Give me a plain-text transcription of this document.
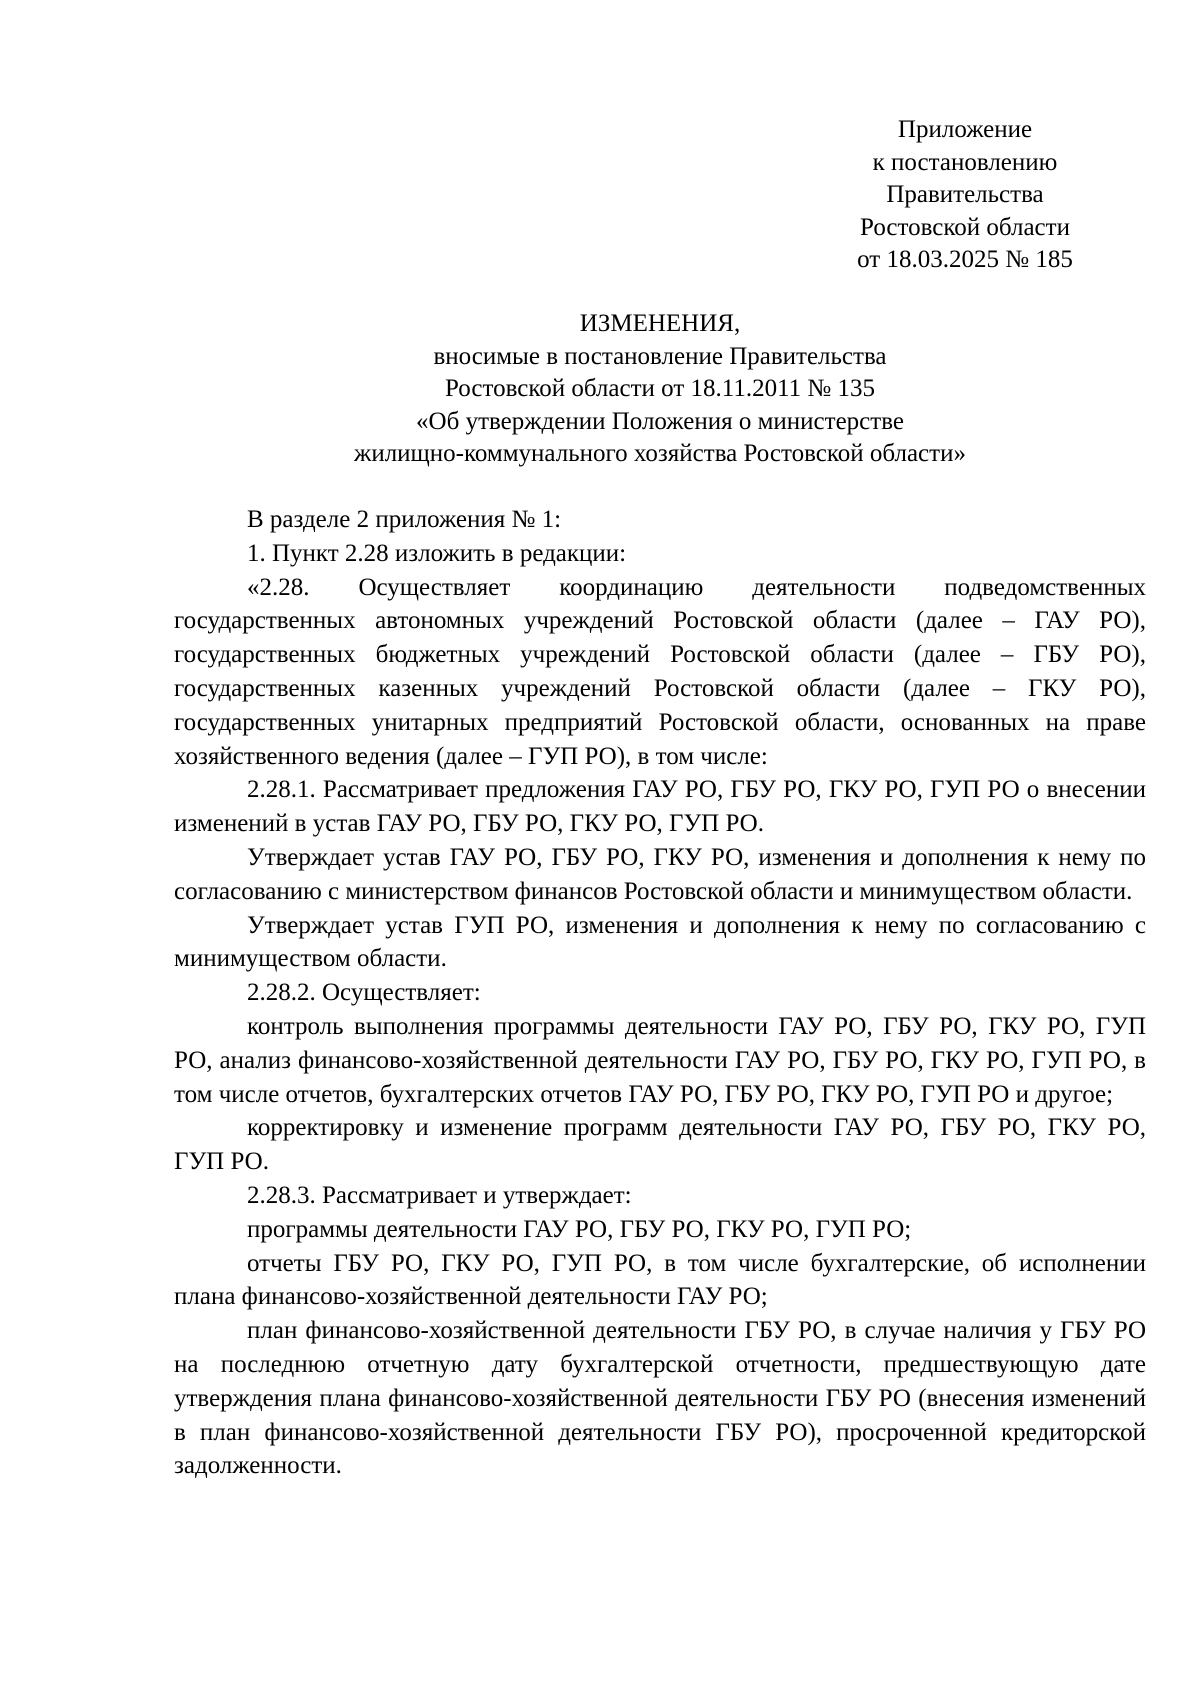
Приложение
к постановлению
Правительства
Ростовской области
от 18.03.2025 № 185
ИЗМЕНЕНИЯ,
вносимые в постановление Правительства
Ростовской области от 18.11.2011 № 135
«Об утверждении Положения о министерстве
жилищно-коммунального хозяйства Ростовской области»

В разделе 2 приложения № 1:

1. Пункт 2.28 изложить в редакции:

«2.28. Осуществляет координацию деятельности подведомственных государственных автономных учреждений Ростовской области (далее – ГАУ РО), государственных бюджетных учреждений Ростовской области (далее – ГБУ РО), государственных казенных учреждений Ростовской области (далее – ГКУ РО), государственных унитарных предприятий Ростовской области, основанных на праве хозяйственного ведения (далее – ГУП РО), в том числе:

2.28.1. Рассматривает предложения ГАУ РО, ГБУ РО, ГКУ РО, ГУП РО о внесении изменений в устав ГАУ РО, ГБУ РО, ГКУ РО, ГУП РО.

Утверждает устав ГАУ РО, ГБУ РО, ГКУ РО, изменения и дополнения к нему по согласованию с министерством финансов Ростовской области и минимуществом области.

Утверждает устав ГУП РО, изменения и дополнения к нему по согласованию с минимуществом области.

2.28.2. Осуществляет:

контроль выполнения программы деятельности ГАУ РО, ГБУ РО, ГКУ РО, ГУП РО, анализ финансово-хозяйственной деятельности ГАУ РО, ГБУ РО, ГКУ РО, ГУП РО, в том числе отчетов, бухгалтерских отчетов ГАУ РО, ГБУ РО, ГКУ РО, ГУП РО и другое;

корректировку и изменение программ деятельности ГАУ РО, ГБУ РО, ГКУ РО, ГУП РО.

2.28.3. Рассматривает и утверждает:

программы деятельности ГАУ РО, ГБУ РО, ГКУ РО, ГУП РО;

отчеты ГБУ РО, ГКУ РО, ГУП РО, в том числе бухгалтерские, об исполнении плана финансово-хозяйственной деятельности ГАУ РО;

план финансово-хозяйственной деятельности ГБУ РО, в случае наличия у ГБУ РО на последнюю отчетную дату бухгалтерской отчетности, предшествующую дате утверждения плана финансово-хозяйственной деятельности ГБУ РО (внесения изменений в план финансово-хозяйственной деятельности ГБУ РО), просроченной кредиторской задолженности.
